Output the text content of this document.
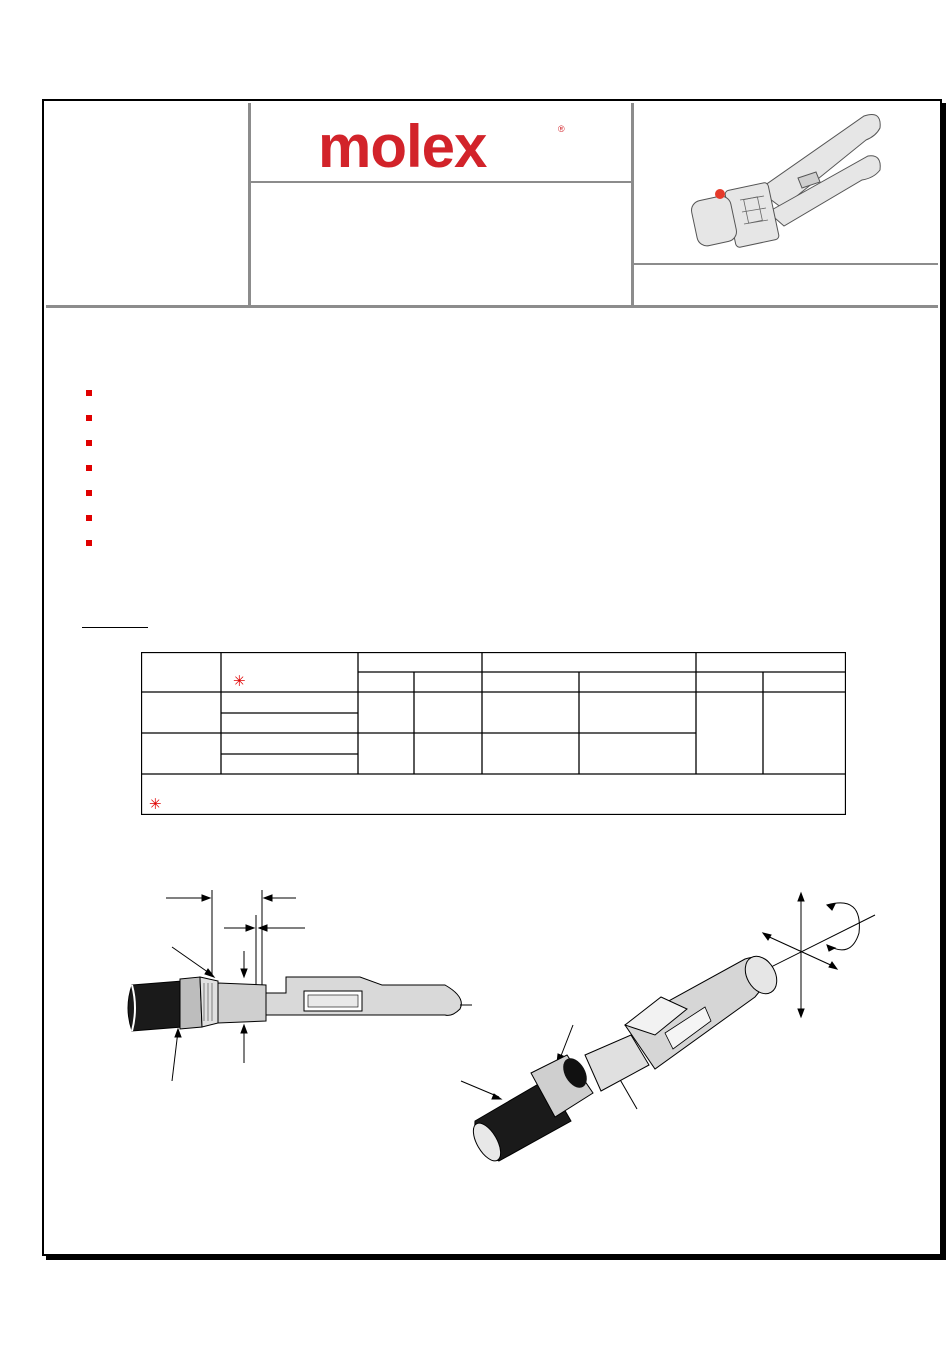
molex	®
✳
✳
